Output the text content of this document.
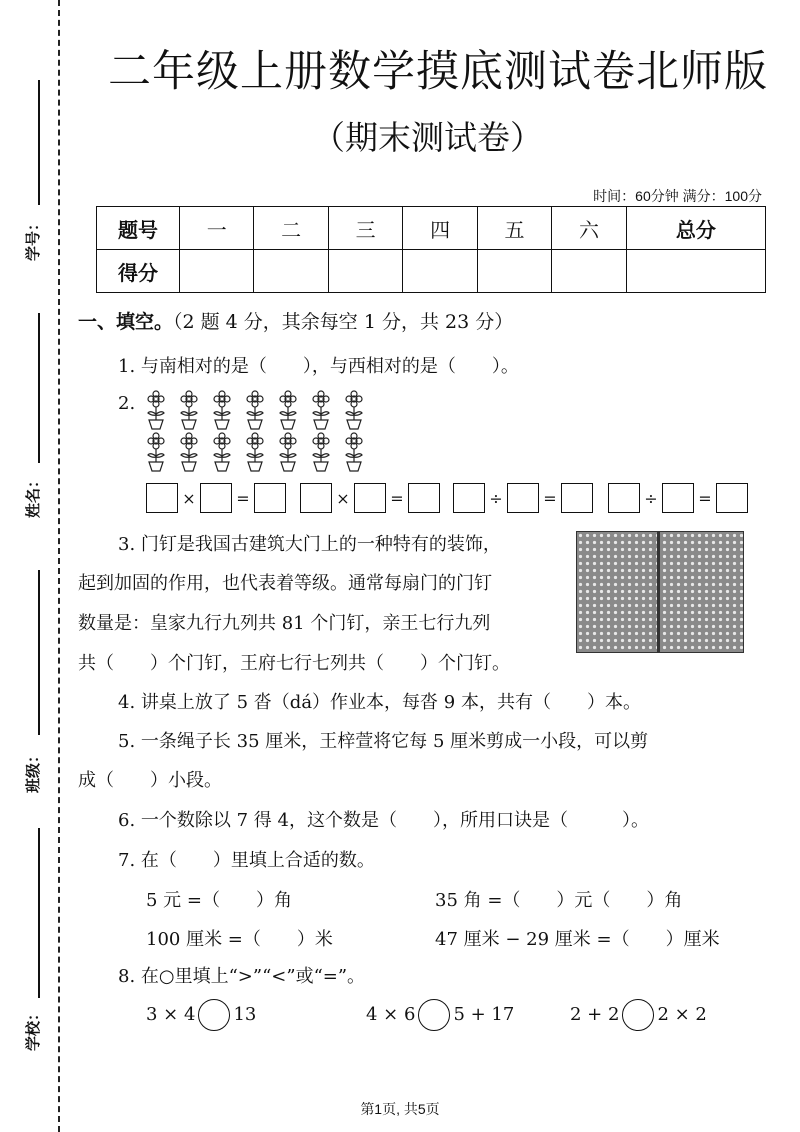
学号：
姓名：
班级：
学校：
二年级上册数学摸底测试卷北师版
（期末测试卷）
时间：60分钟 满分：100分
题号	一	二	三	四	五	六	总分
得分							
一、填空。（2 题 4 分，其余每空 1 分，共 23 分）
1. 与南相对的是（　　），与西相对的是（　　）。
2.
×	=	×	=	÷	=	÷	=
3. 门钉是我国古建筑大门上的一种特有的装饰，
起到加固的作用，也代表着等级。通常每扇门的门钉
数量是：皇家九行九列共 81 个门钉，亲王七行九列
共（　　）个门钉，王府七行七列共（　　）个门钉。
4. 讲桌上放了 5 沓（dá）作业本，每沓 9 本，共有（　　）本。
5. 一条绳子长 35 厘米，王梓萱将它每 5 厘米剪成一小段，可以剪
成（　　）小段。
6. 一个数除以 7 得 4，这个数是（　　），所用口诀是（　　　）。
7. 在（　　）里填上合适的数。
5 元 =（　　）角	35 角 =（　　）元（　　）角
100 厘米 =（　　）米	47 厘米 − 29 厘米 =（　　）厘米
8. 在○里填上“>”“<”或“=”。
3 × 4 13	4 × 6 5 + 17	2 + 2 2 × 2
第1页, 共5页
